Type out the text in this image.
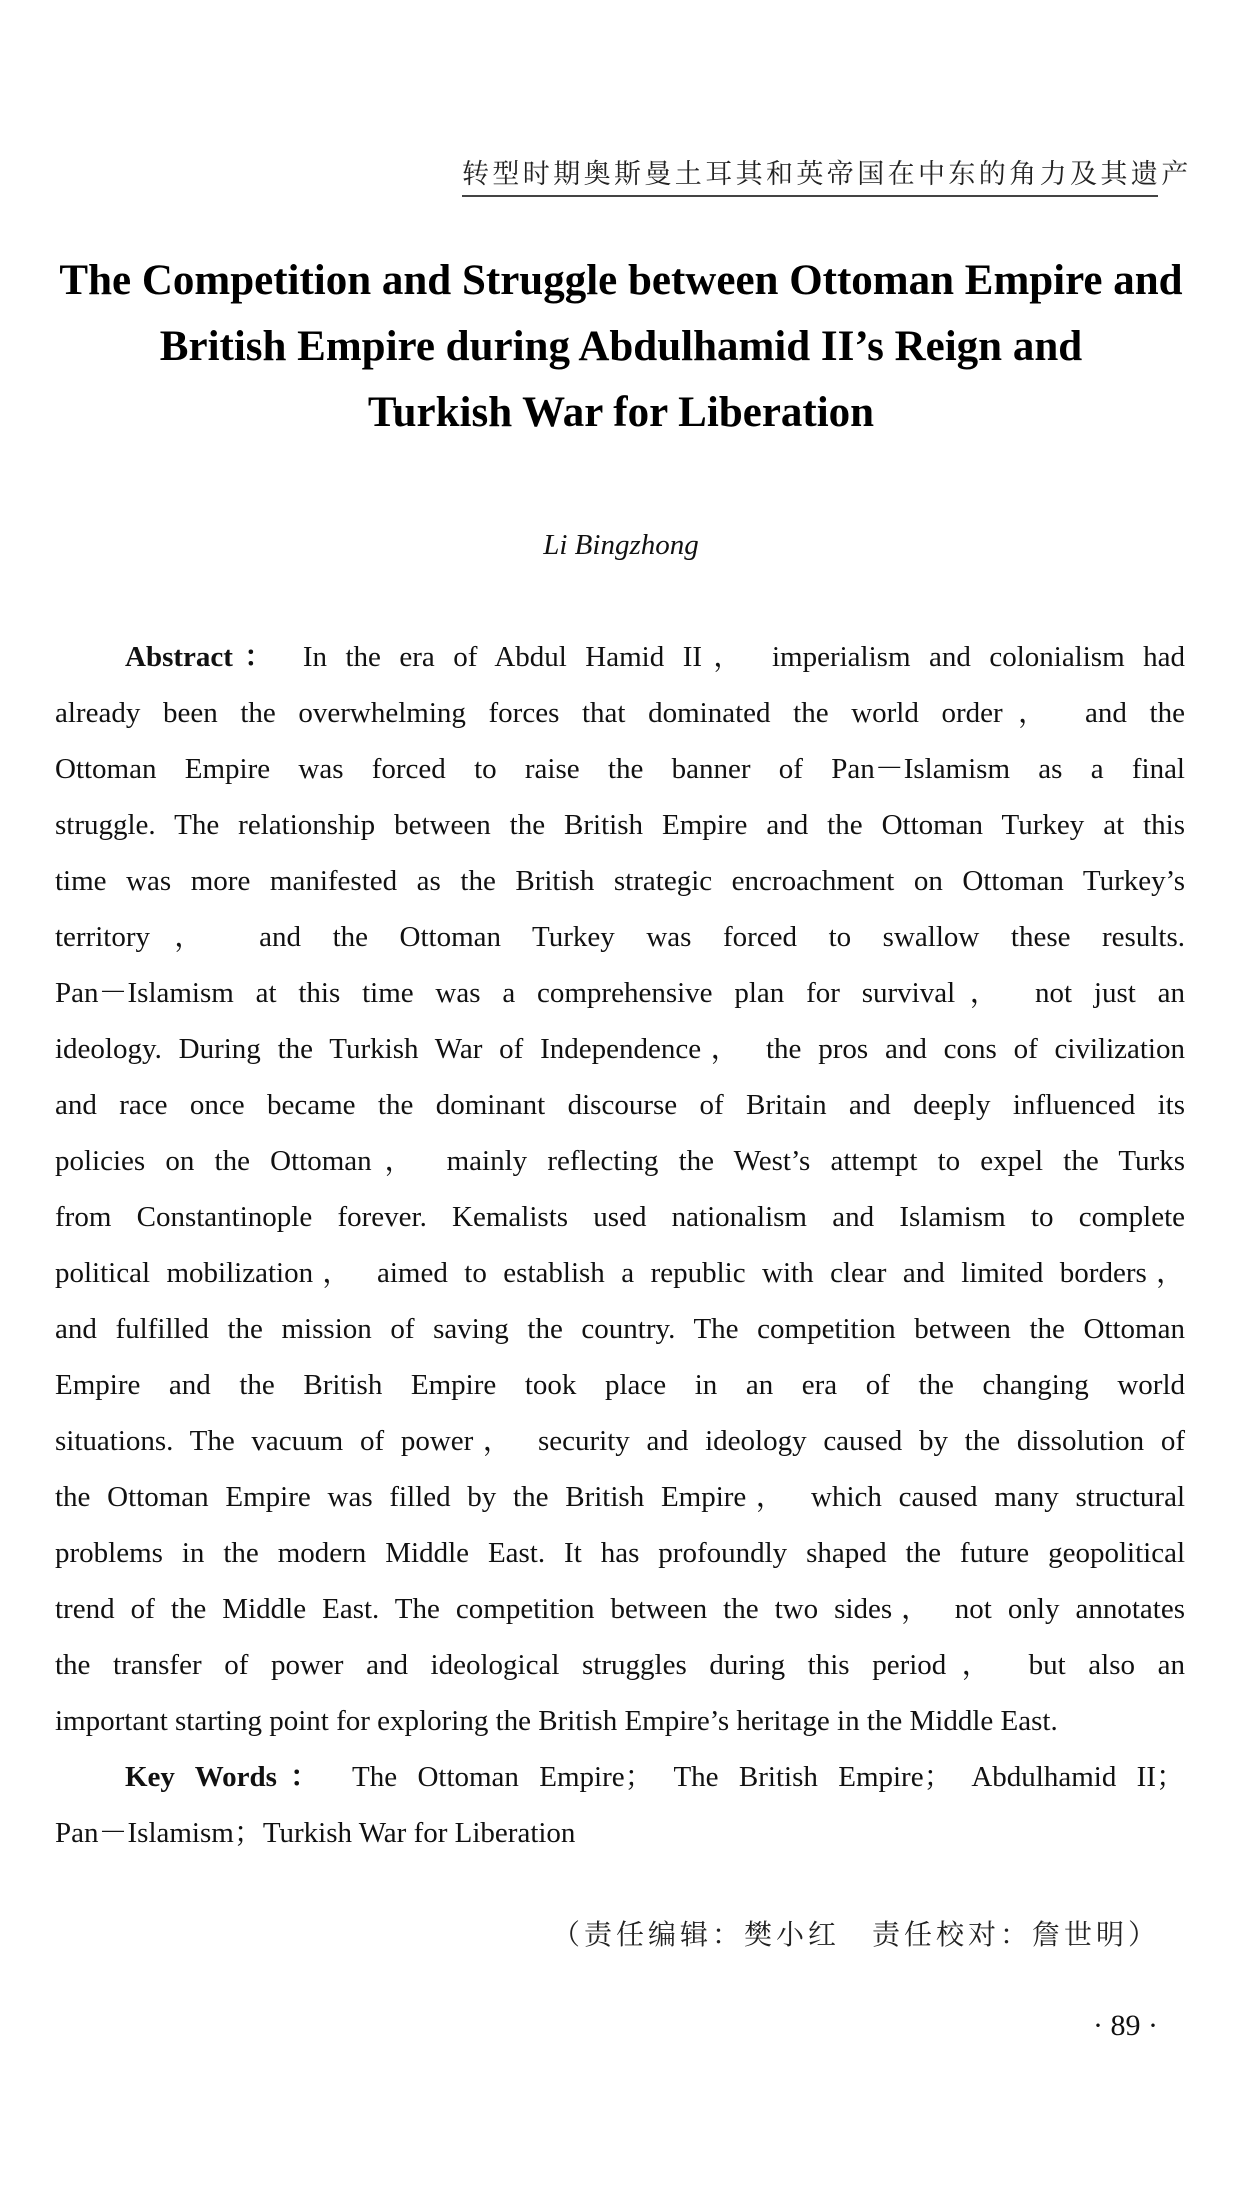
转型时期奥斯曼土耳其和英帝国在中东的角力及其遗产
The Competition and Struggle between Ottoman Empire and
British Empire during Abdulhamid II’s Reign and
Turkish War for Liberation
Li Bingzhong
Abstract： In the era of Abdul Hamid II， imperialism and colonialism had
already been the overwhelming forces that dominated the world order， and the
Ottoman Empire was forced to raise the banner of Pan－Islamism as a final
struggle. The relationship between the British Empire and the Ottoman Turkey at this
time was more manifested as the British strategic encroachment on Ottoman Turkey’s
territory， and the Ottoman Turkey was forced to swallow these results.
Pan－Islamism at this time was a comprehensive plan for survival， not just an
ideology. During the Turkish War of Independence， the pros and cons of civilization
and race once became the dominant discourse of Britain and deeply influenced its
policies on the Ottoman， mainly reflecting the West’s attempt to expel the Turks
from Constantinople forever. Kemalists used nationalism and Islamism to complete
political mobilization， aimed to establish a republic with clear and limited borders，
and fulfilled the mission of saving the country. The competition between the Ottoman
Empire and the British Empire took place in an era of the changing world
situations. The vacuum of power， security and ideology caused by the dissolution of
the Ottoman Empire was filled by the British Empire， which caused many structural
problems in the modern Middle East. It has profoundly shaped the future geopolitical
trend of the Middle East. The competition between the two sides， not only annotates
the transfer of power and ideological struggles during this period， but also an
important starting point for exploring the British Empire’s heritage in the Middle East.
Key Words： The Ottoman Empire； The British Empire； Abdulhamid II；
Pan－Islamism；Turkish War for Liberation
（责任编辑：樊小红　责任校对：詹世明）
· 89 ·
